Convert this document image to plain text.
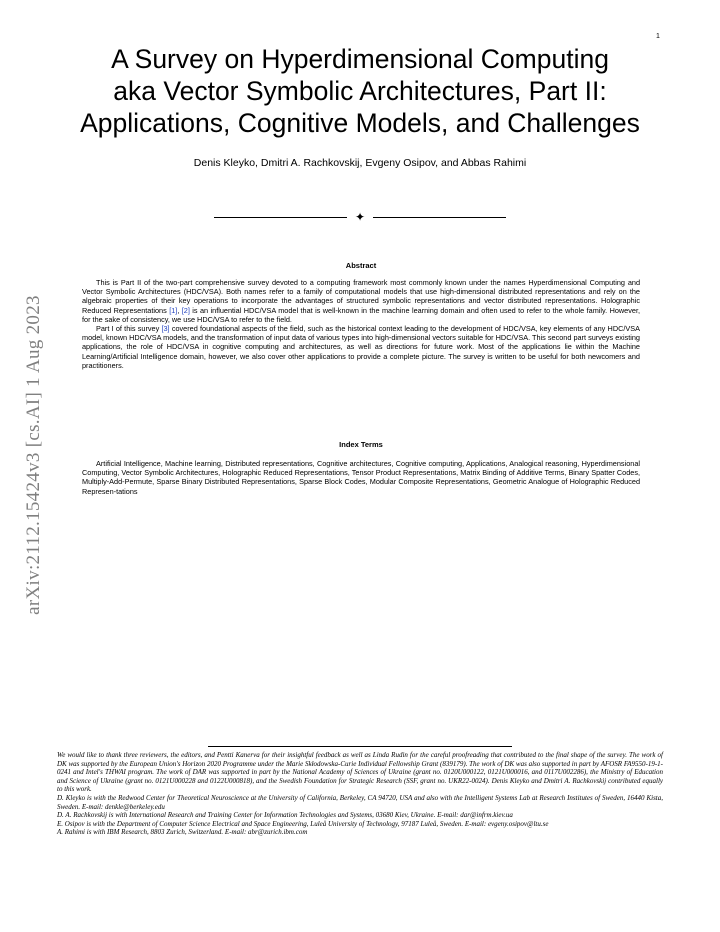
1
A Survey on Hyperdimensional Computing
aka Vector Symbolic Architectures, Part II:
Applications, Cognitive Models, and Challenges
Denis Kleyko, Dmitri A. Rachkovskij, Evgeny Osipov, and Abbas Rahimi
✦
arXiv:2112.15424v3 [cs.AI] 1 Aug 2023
Abstract

This is Part II of the two-part comprehensive survey devoted to a computing framework most commonly known under the names Hyperdimensional Computing and Vector Symbolic Architectures (HDC/VSA). Both names refer to a family of computational models that use high-dimensional distributed representations and rely on the algebraic properties of their key operations to incorporate the advantages of structured symbolic representations and vector distributed representations. Holographic Reduced Representations [1], [2] is an influential HDC/VSA model that is well-known in the machine learning domain and often used to refer to the whole family. However, for the sake of consistency, we use HDC/VSA to refer to the field.

Part I of this survey [3] covered foundational aspects of the field, such as the historical context leading to the development of HDC/VSA, key elements of any HDC/VSA model, known HDC/VSA models, and the transformation of input data of various types into high-dimensional vectors suitable for HDC/VSA. This second part surveys existing applications, the role of HDC/VSA in cognitive computing and architectures, as well as directions for future work. Most of the applications lie within the Machine Learning/Artificial Intelligence domain, however, we also cover other applications to provide a complete picture. The survey is written to be useful for both newcomers and practitioners.

Index Terms

Artificial Intelligence, Machine learning, Distributed representations, Cognitive architectures, Cognitive computing, Applications, Analogical reasoning, Hyperdimensional Computing, Vector Symbolic Architectures, Holographic Reduced Representations, Tensor Product Representations, Matrix Binding of Additive Terms, Binary Spatter Codes, Multiply-Add-Permute, Sparse Binary Distributed Representations, Sparse Block Codes, Modular Composite Representations, Geometric Analogue of Holographic Reduced Represen-tations

We would like to thank three reviewers, the editors, and Pentti Kanerva for their insightful feedback as well as Linda Rudin for the careful proofreading that contributed to the final shape of the survey. The work of DK was supported by the European Union's Horizon 2020 Programme under the Marie Skłodowska-Curie Individual Fellowship Grant (839179). The work of DK was also supported in part by AFOSR FA9550-19-1-0241 and Intel's THWAI program. The work of DAR was supported in part by the National Academy of Sciences of Ukraine (grant no. 0120U000122, 0121U000016, and 0117U002286), the Ministry of Education and Science of Ukraine (grant no. 0121U000228 and 0122U000818), and the Swedish Foundation for Strategic Research (SSF, grant no. UKR22-0024). Denis Kleyko and Dmitri A. Rachkovskij contributed equally to this work.

D. Kleyko is with the Redwood Center for Theoretical Neuroscience at the University of California, Berkeley, CA 94720, USA and also with the Intelligent Systems Lab at Research Institutes of Sweden, 16440 Kista, Sweden. E-mail: denkle@berkeley.edu

D. A. Rachkovskij is with International Research and Training Center for Information Technologies and Systems, 03680 Kiev, Ukraine. E-mail: dar@infrm.kiev.ua

E. Osipov is with the Department of Computer Science Electrical and Space Engineering, Luleå University of Technology, 97187 Luleå, Sweden. E-mail: evgeny.osipov@ltu.se

A. Rahimi is with IBM Research, 8803 Zurich, Switzerland. E-mail: abr@zurich.ibm.com
